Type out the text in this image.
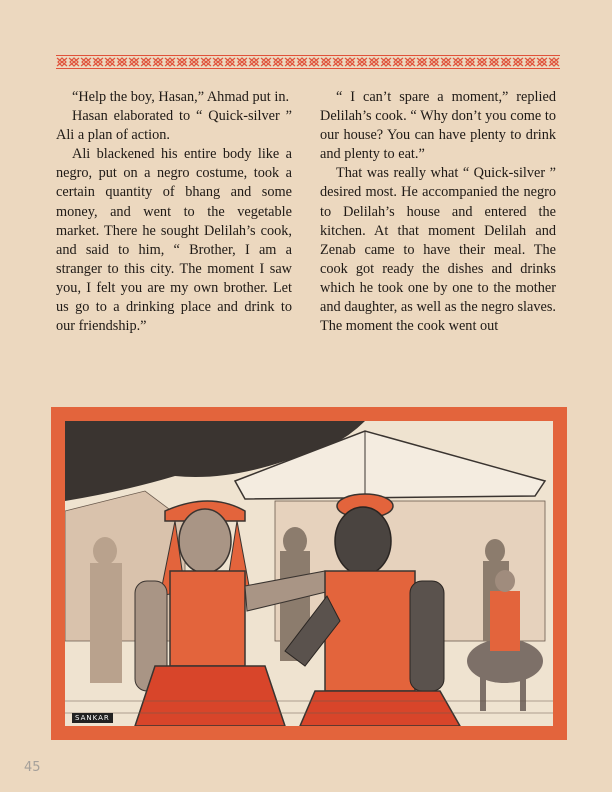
“Help the boy, Hasan,” Ahmad put in.

Hasan elaborated to “ Quick-silver ” Ali a plan of action.

Ali blackened his entire body like a negro, put on a negro costume, took a certain quantity of bhang and some money, and went to the vegetable market. There he sought Delilah’s cook, and said to him, “ Brother, I am a stranger to this city. The moment I saw you, I felt you are my own brother. Let us go to a drinking place and drink to our friendship.”

“ I can’t spare a moment,” replied Delilah’s cook. “ Why don’t you come to our house? You can have plenty to drink and plenty to eat.”

That was really what “ Quick-silver ” desired most. He accompanied the negro to Delilah’s house and entered the kitchen. At that moment Delilah and Zenab came to have their meal. The cook got ready the dishes and drinks which he took one by one to the mother and daughter, as well as the negro slaves. The moment the cook went out

SANKAR
45
